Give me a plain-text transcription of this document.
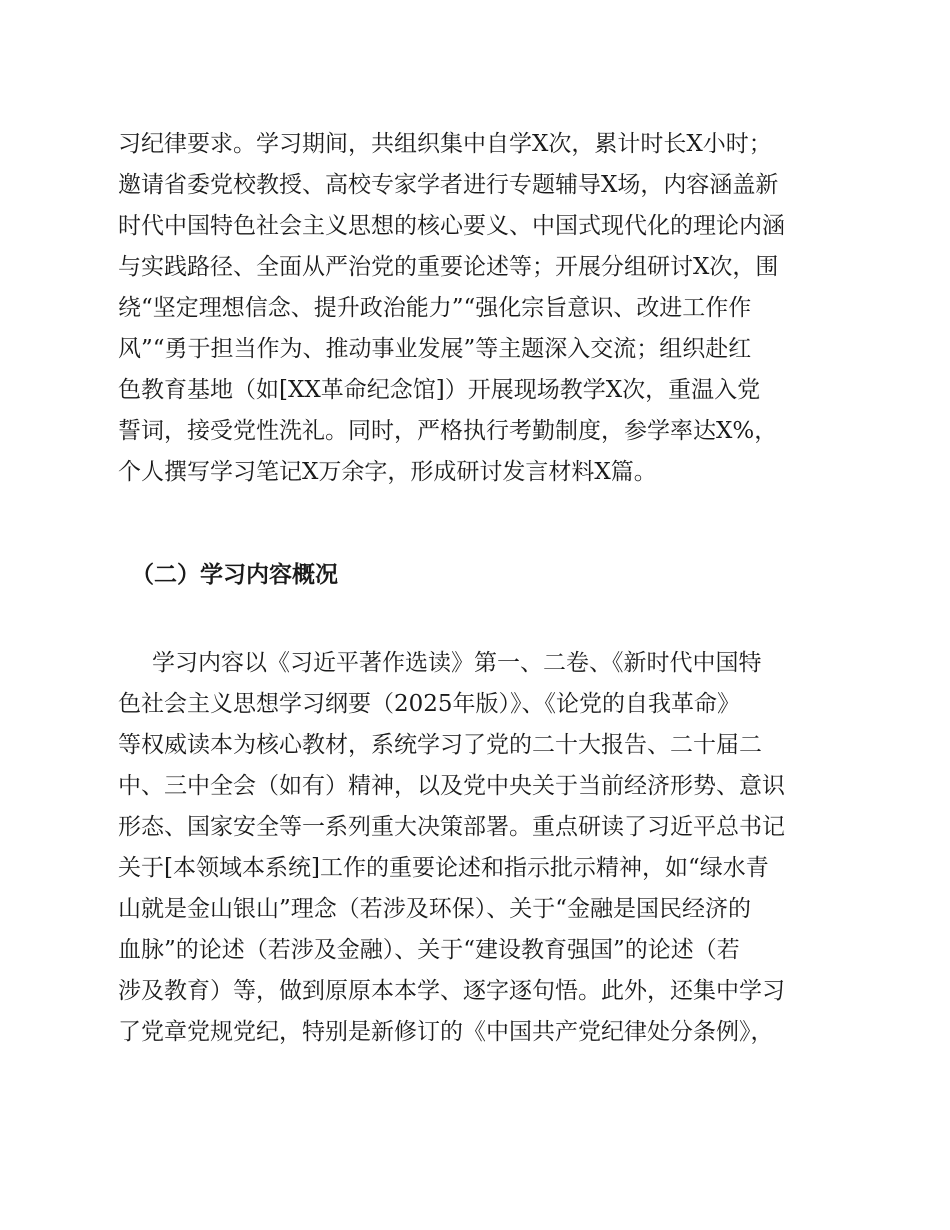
习纪律要求。学习期间，共组织集中自学X次，累计时长X小时；
邀请省委党校教授、高校专家学者进行专题辅导X场，内容涵盖新
时代中国特色社会主义思想的核心要义、中国式现代化的理论内涵
与实践路径、全面从严治党的重要论述等；开展分组研讨X次，围
绕“坚定理想信念、提升政治能力”“强化宗旨意识、改进工作作
风”“勇于担当作为、推动事业发展”等主题深入交流；组织赴红
色教育基地（如[XX革命纪念馆]）开展现场教学X次，重温入党
誓词，接受党性洗礼。同时，严格执行考勤制度，参学率达X%，
个人撰写学习笔记X万余字，形成研讨发言材料X篇。
（二）学习内容概况
学习内容以《习近平著作选读》第一、二卷、《新时代中国特
色社会主义思想学习纲要（2025年版）》、《论党的自我革命》
等权威读本为核心教材，系统学习了党的二十大报告、二十届二
中、三中全会（如有）精神，以及党中央关于当前经济形势、意识
形态、国家安全等一系列重大决策部署。重点研读了习近平总书记
关于[本领域本系统]工作的重要论述和指示批示精神，如“绿水青
山就是金山银山”理念（若涉及环保）、关于“金融是国民经济的
血脉”的论述（若涉及金融）、关于“建设教育强国”的论述（若
涉及教育）等，做到原原本本学、逐字逐句悟。此外，还集中学习
了党章党规党纪，特别是新修订的《中国共产党纪律处分条例》，
